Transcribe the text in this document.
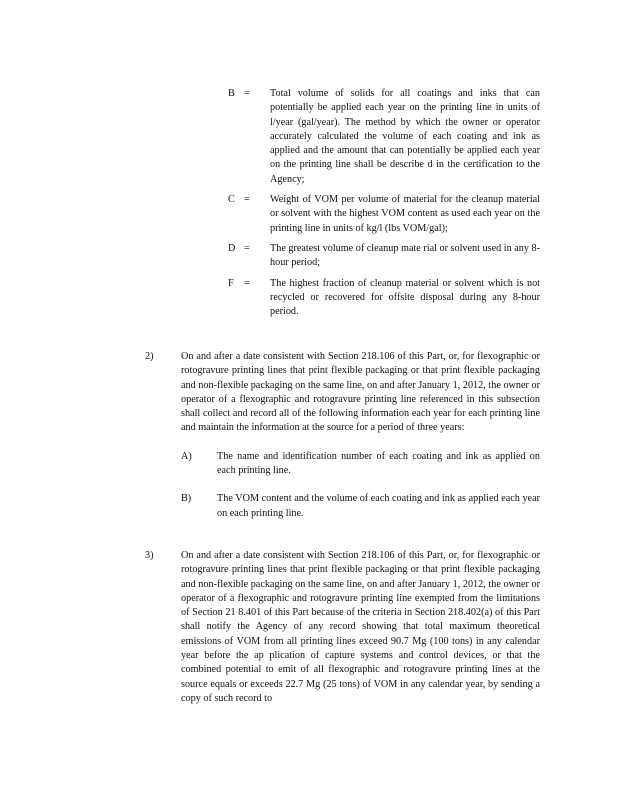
B =	Total volume of solids for all coatings and inks that can potentially be applied each year on the printing line in units of l/year (gal/year). The method by which the owner or operator accurately calculated the volume of each coating and ink as applied and the amount that can potentially be applied each year on the printing line shall be describe d in the certification to the Agency;
C =	Weight of VOM per volume of material for the cleanup material or solvent with the highest VOM content as used each year on the printing line in units of kg/l (lbs VOM/gal);
D =	The greatest volume of cleanup mate rial or solvent used in any 8-hour period;
F	=	The highest fraction of cleanup material or solvent which is not recycled or recovered for offsite disposal during any 8-hour period.
2)	On and after a date consistent with Section 218.106 of this Part, or, for flexographic or rotogravure printing lines that print flexible packaging or that print flexible packaging and non-flexible packaging on the same line, on and after January 1, 2012, the owner or operator of a flexographic and rotogravure printing line referenced in this subsection shall collect and record all of the following information each year for each printing line and maintain the information at the source for a period of three years:

A)	The name and identification number of each coating and ink as applied on each printing line.
B)	The VOM content and the volume of each coating and ink as applied each year on each printing line.
3)	On and after a date consistent with Section 218.106 of this Part, or, for flexographic or rotogravure printing lines that print flexible packaging or that print flexible packaging and non-flexible packaging on the same line, on and after January 1, 2012, the owner or operator of a flexographic and rotogravure printing line exempted from the limitations of Section 21 8.401 of this Part because of the criteria in Section 218.402(a) of this Part shall notify the Agency of any record showing that total maximum theoretical emissions of VOM from all printing lines exceed 90.7 Mg (100 tons) in any calendar year before the ap plication of capture systems and control devices, or that the combined potential to emit of all flexographic and rotogravure printing lines at the source equals or exceeds 22.7 Mg (25 tons) of VOM in any calendar year, by sending a copy of such record to
